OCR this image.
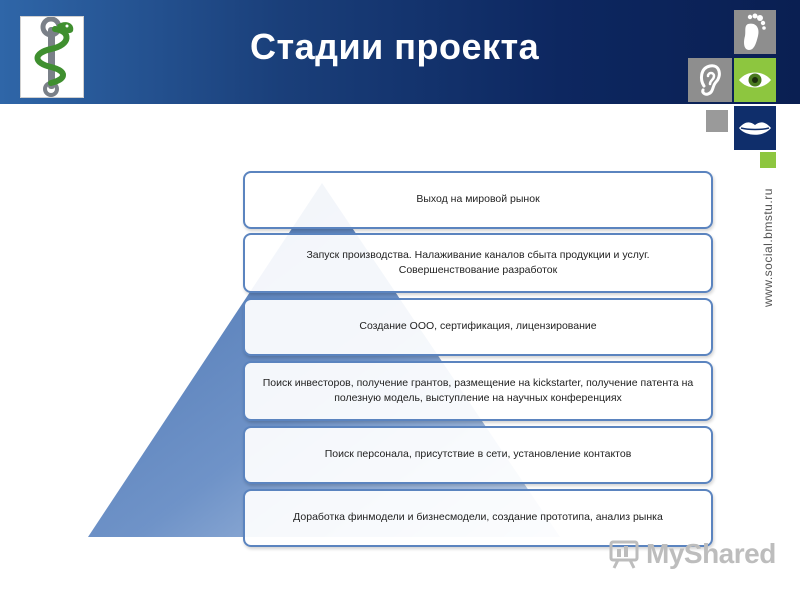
Стадии проекта
www.social.bmstu.ru
Выход на мировой рынок
Запуск производства. Налаживание каналов сбыта продукции и услуг. Совершенствование разработок
Создание ООО, сертификация, лицензирование
Поиск инвесторов, получение грантов, размещение на kickstarter, получение патента на полезную модель, выступление на научных конференциях
Поиск персонала, присутствие в сети, установление контактов
Доработка финмодели и бизнесмодели, создание прототипа, анализ рынка
MyShared
